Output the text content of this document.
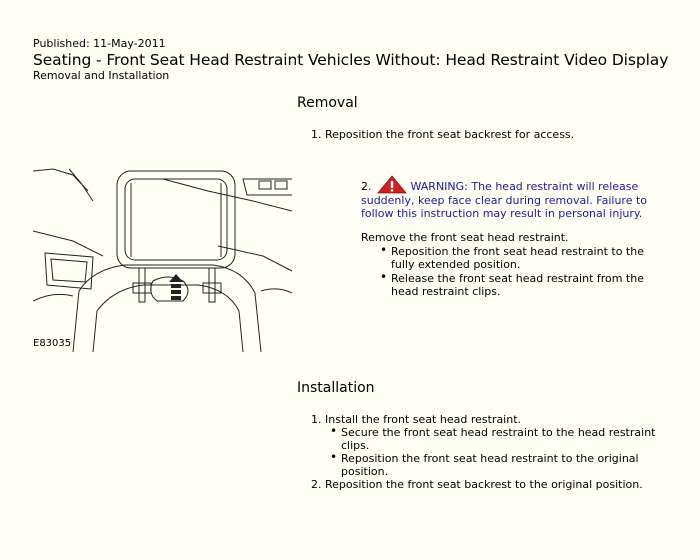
Published: 11-May-2011
Seating - Front Seat Head Restraint Vehicles Without: Head Restraint Video Display
Removal and Installation
Removal
1. Reposition the front seat backrest for access.
2.	WARNING: The head restraint will release suddenly, keep face clear during removal. Failure to follow this instruction may result in personal injury.
Remove the front seat head restraint.
• Reposition the front seat head restraint to the fully extended position.
• Release the front seat head restraint from the head restraint clips.
E83035
Installation
1. Install the front seat head restraint.
• Secure the front seat head restraint to the head restraint clips.
• Reposition the front seat head restraint to the original position.
2. Reposition the front seat backrest to the original position.
